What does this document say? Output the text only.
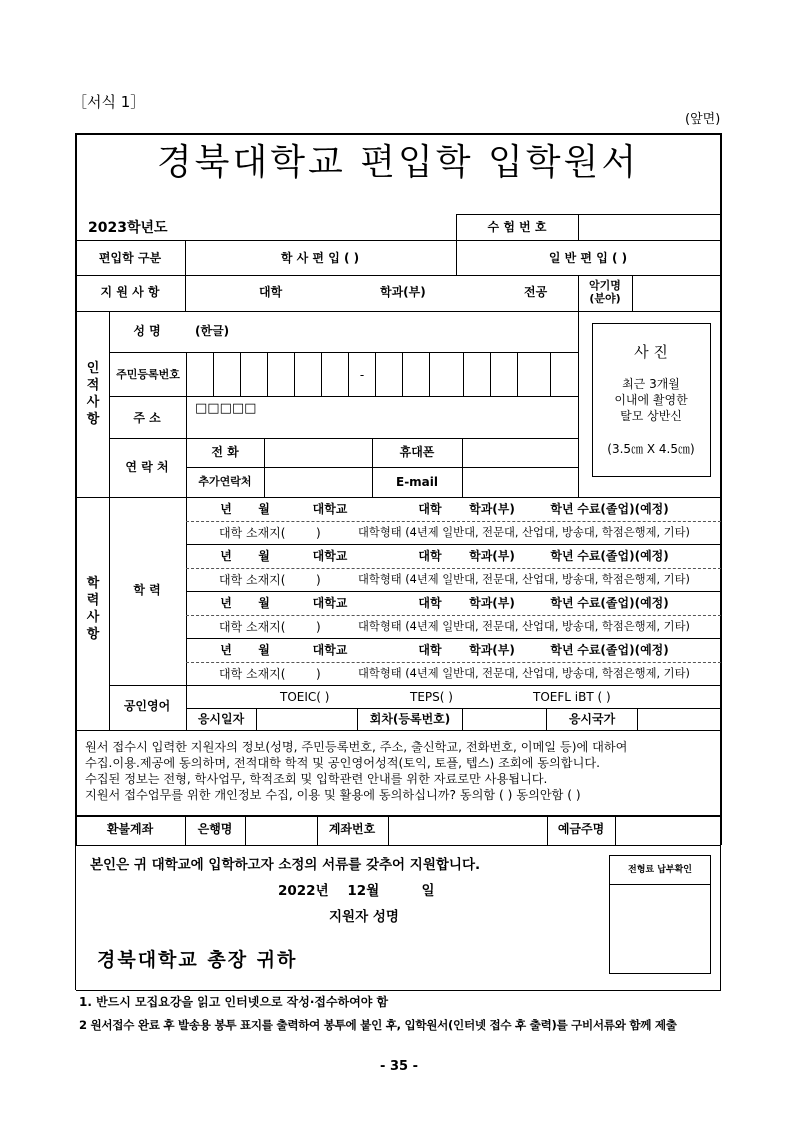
［서식 1］
(앞면)
경북대학교 편입학 입학원서
2023학년도	수 험 번 호
편입학 구분	학 사 편 입 ( )	일 반 편 입 ( )
지 원 사 항	대학	학과(부)	전공	악기명
(분야)
인
적
사
항
성 명	(한글)
주민등록번호	-
주 소
□□□□□
연 락 처
전 화	휴대폰
추가연락처	E-mail
사 진
최근 3개월
이내에 촬영한
탈모 상반신
(3.5㎝ X 4.5㎝)
학
력
사
항
학 력
년 월	대학교	대학 학과(부)	학년 수료(졸업)(예정)
대학 소재지(        )	대학형태 (4년제 일반대, 전문대, 산업대, 방송대, 학점은행제, 기타)
년 월	대학교	대학 학과(부)	학년 수료(졸업)(예정)
대학 소재지(        )	대학형태 (4년제 일반대, 전문대, 산업대, 방송대, 학점은행제, 기타)
년 월	대학교	대학 학과(부)	학년 수료(졸업)(예정)
대학 소재지(        )	대학형태 (4년제 일반대, 전문대, 산업대, 방송대, 학점은행제, 기타)
년 월	대학교	대학 학과(부)	학년 수료(졸업)(예정)
대학 소재지(        )	대학형태 (4년제 일반대, 전문대, 산업대, 방송대, 학점은행제, 기타)
공인영어
TOEIC( )	TEPS( )	TOEFL iBT ( )
응시일자	회차(등록번호)	응시국가
원서 접수시 입력한 지원자의 정보(성명, 주민등록번호, 주소, 출신학교, 전화번호, 이메일 등)에 대하여
수집.이용.제공에 동의하며, 전적대학 학적 및 공인영어성적(토익, 토플, 텝스) 조회에 동의합니다.
수집된 정보는 전형, 학사업무, 학적조회 및 입학관련 안내를 위한 자료로만 사용됩니다.
지원서 접수업무를 위한 개인정보 수집, 이용 및 활용에 동의하십니까? 동의함 ( ) 동의안함 ( )
환불계좌	은행명	계좌번호	예금주명
본인은 귀 대학교에 입학하고자 소정의 서류를 갖추어 지원합니다.
2022년    12월         일
지원자 성명
경북대학교 총장 귀하
전형료 납부확인
1. 반드시 모집요강을 읽고 인터넷으로 작성·접수하여야 함
2 원서접수 완료 후 발송용 봉투 표지를 출력하여 봉투에 붙인 후, 입학원서(인터넷 접수 후 출력)를 구비서류와 함께 제출
- 35 -
